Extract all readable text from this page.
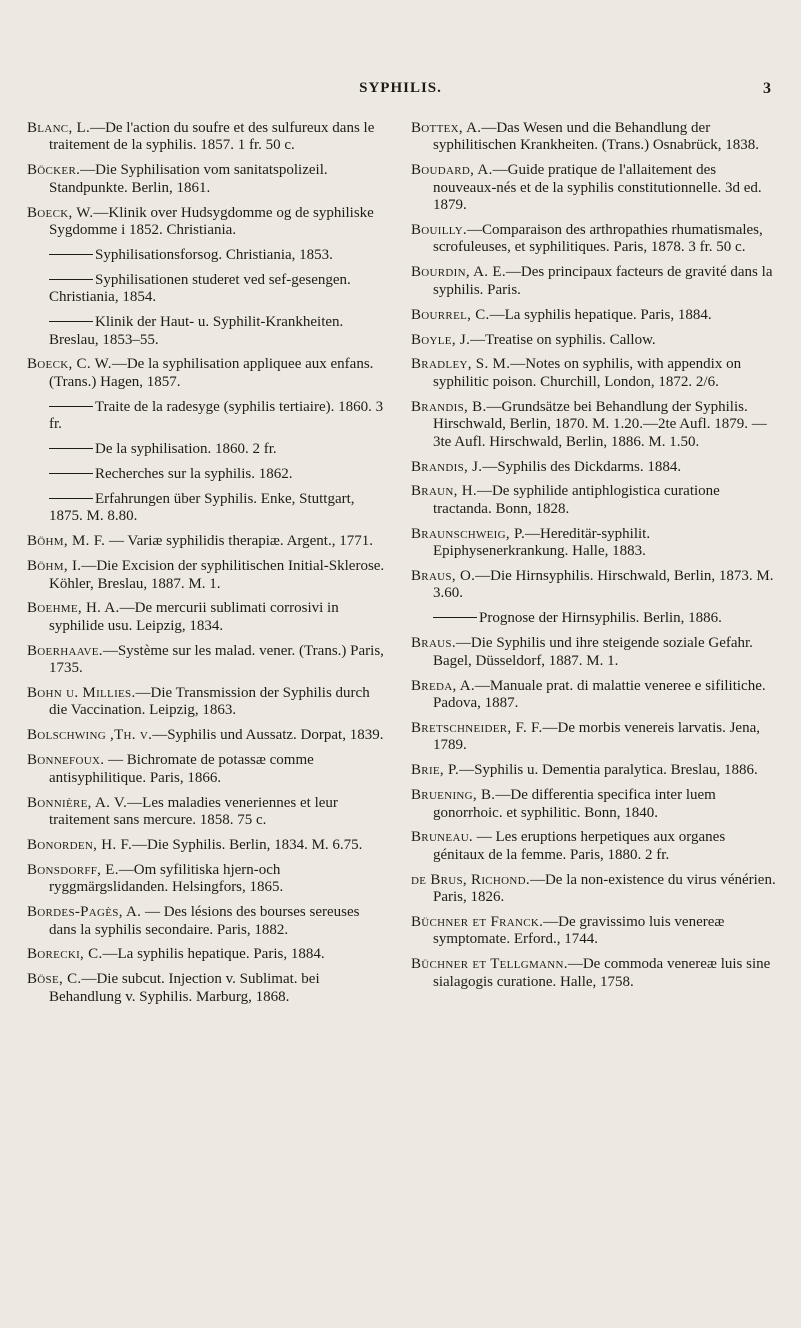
SYPHILIS.	3

Blanc, L.—De l'action du soufre et des sulfureux dans le traitement de la syphilis. 1857. 1 fr. 50 c.

Böcker.—Die Syphilisation vom sanitatspolizeil. Standpunkte. Berlin, 1861.

Boeck, W.—Klinik over Hudsygdomme og de syphiliske Sygdomme i 1852. Christiania.

Syphilisationsforsog. Christiania, 1853.

Syphilisationen studeret ved sef-gesengen. Christiania, 1854.

Klinik der Haut- u. Syphilit-Krankheiten. Breslau, 1853–55.

Boeck, C. W.—De la syphilisation appliquee aux enfans. (Trans.) Hagen, 1857.

Traite de la radesyge (syphilis tertiaire). 1860. 3 fr.

De la syphilisation. 1860. 2 fr.

Recherches sur la syphilis. 1862.

Erfahrungen über Syphilis. Enke, Stuttgart, 1875. M. 8.80.

Böhm, M. F. — Variæ syphilidis therapiæ. Argent., 1771.

Böhm, I.—Die Excision der syphilitischen Initial-Sklerose. Köhler, Breslau, 1887. M. 1.

Boehme, H. A.—De mercurii sublimati corrosivi in syphilide usu. Leipzig, 1834.

Boerhaave.—Système sur les malad. vener. (Trans.) Paris, 1735.

Bohn u. Millies.—Die Transmission der Syphilis durch die Vaccination. Leipzig, 1863.

Bolschwing ,Th. v.—Syphilis und Aussatz. Dorpat, 1839.

Bonnefoux. — Bichromate de potassæ comme antisyphilitique. Paris, 1866.

Bonnière, A. V.—Les maladies veneriennes et leur traitement sans mercure. 1858. 75 c.

Bonorden, H. F.—Die Syphilis. Berlin, 1834. M. 6.75.

Bonsdorff, E.—Om syfilitiska hjern-och ryggmärgslidanden. Helsingfors, 1865.

Bordes-Pagès, A. — Des lésions des bourses sereuses dans la syphilis secondaire. Paris, 1882.

Borecki, C.—La syphilis hepatique. Paris, 1884.

Böse, C.—Die subcut. Injection v. Sublimat. bei Behandlung v. Syphilis. Marburg, 1868.

Bottex, A.—Das Wesen und die Behandlung der syphilitischen Krankheiten. (Trans.) Osnabrück, 1838.

Boudard, A.—Guide pratique de l'allaitement des nouveaux-nés et de la syphilis constitutionnelle. 3d ed. 1879.

Bouilly.—Comparaison des arthropathies rhumatismales, scrofuleuses, et syphilitiques. Paris, 1878. 3 fr. 50 c.

Bourdin, A. E.—Des principaux facteurs de gravité dans la syphilis. Paris.

Bourrel, C.—La syphilis hepatique. Paris, 1884.

Boyle, J.—Treatise on syphilis. Callow.

Bradley, S. M.—Notes on syphilis, with appendix on syphilitic poison. Churchill, London, 1872. 2/6.

Brandis, B.—Grundsätze bei Behandlung der Syphilis. Hirschwald, Berlin, 1870. M. 1.20.—2te Aufl. 1879. —3te Aufl. Hirschwald, Berlin, 1886. M. 1.50.

Brandis, J.—Syphilis des Dickdarms. 1884.

Braun, H.—De syphilide antiphlogistica curatione tractanda. Bonn, 1828.

Braunschweig, P.—Hereditär-syphilit. Epiphysenerkrankung. Halle, 1883.

Braus, O.—Die Hirnsyphilis. Hirschwald, Berlin, 1873. M. 3.60.

Prognose der Hirnsyphilis. Berlin, 1886.

Braus.—Die Syphilis und ihre steigende soziale Gefahr. Bagel, Düsseldorf, 1887. M. 1.

Breda, A.—Manuale prat. di malattie veneree e sifilitiche. Padova, 1887.

Bretschneider, F. F.—De morbis venereis larvatis. Jena, 1789.

Brie, P.—Syphilis u. Dementia paralytica. Breslau, 1886.

Bruening, B.—De differentia specifica inter luem gonorrhoic. et syphilitic. Bonn, 1840.

Bruneau. — Les eruptions herpetiques aux organes génitaux de la femme. Paris, 1880. 2 fr.

de Brus, Richond.—De la non-existence du virus vénérien. Paris, 1826.

Büchner et Franck.—De gravissimo luis venereæ symptomate. Erford., 1744.

Büchner et Tellgmann.—De commoda venereæ luis sine sialagogis curatione. Halle, 1758.
